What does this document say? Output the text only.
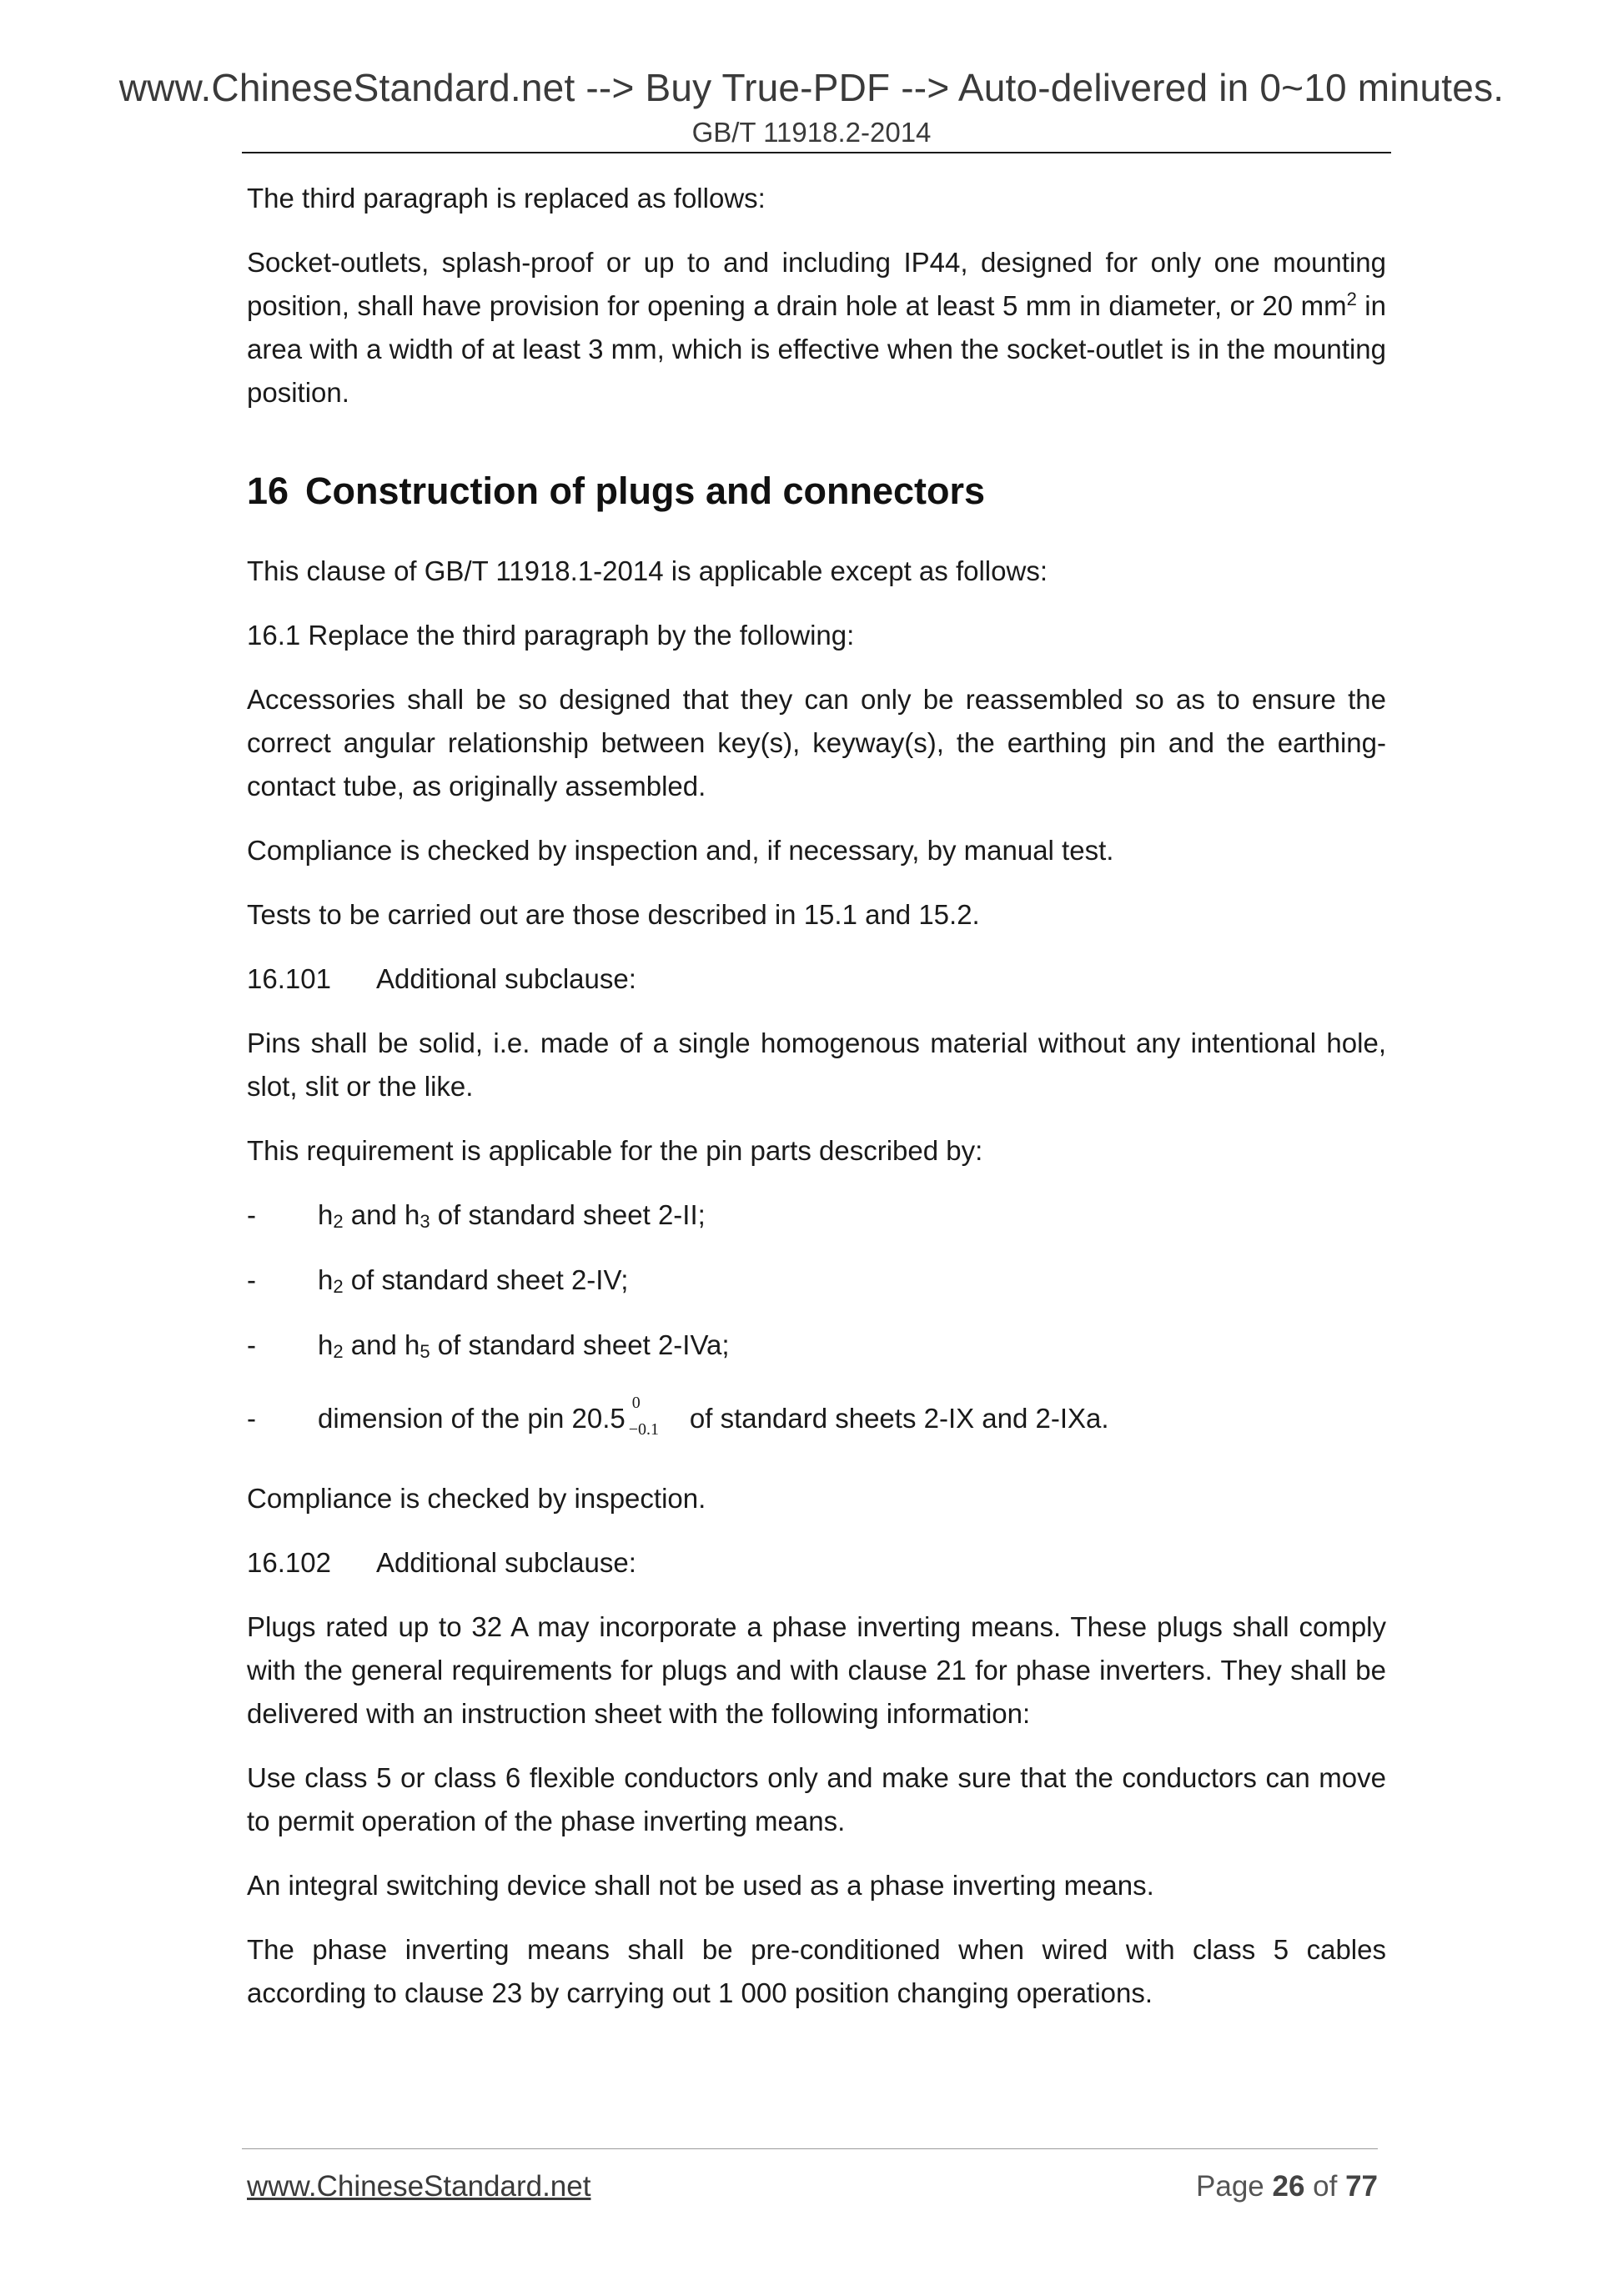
www.ChineseStandard.net --> Buy True-PDF --> Auto-delivered in 0~10 minutes.
GB/T 11918.2-2014

The third paragraph is replaced as follows:

Socket-outlets, splash-proof or up to and including IP44, designed for only one mounting position, shall have provision for opening a drain hole at least 5 mm in diameter, or 20 $mm^2$ in area with a width of at least 3 mm, which is effective when the socket-outlet is in the mounting position.

16 Construction of plugs and connectors

This clause of GB/T 11918.1-2014 is applicable except as follows:

16.1 Replace the third paragraph by the following:

Accessories shall be so designed that they can only be reassembled so as to ensure the correct angular relationship between key(s), keyway(s), the earthing pin and the earthing-contact tube, as originally assembled.

Compliance is checked by inspection and, if necessary, by manual test.

Tests to be carried out are those described in 15.1 and 15.2.

16.101 Additional subclause:

Pins shall be solid, i.e. made of a single homogenous material without any intentional hole, slot, slit or the like.

This requirement is applicable for the pin parts described by:

- $h_2$ and $h_3$ of standard sheet 2-II;
- $h_2$ of standard sheet 2-IV;
- $h_2$ and $h_5$ of standard sheet 2-IVa;
- dimension of the pin 20.5 0
−0.1 of standard sheets 2-IX and 2-IXa.

Compliance is checked by inspection.

16.102 Additional subclause:

Plugs rated up to 32 A may incorporate a phase inverting means. These plugs shall comply with the general requirements for plugs and with clause 21 for phase inverters. They shall be delivered with an instruction sheet with the following information:

Use class 5 or class 6 flexible conductors only and make sure that the conductors can move to permit operation of the phase inverting means.

An integral switching device shall not be used as a phase inverting means.

The phase inverting means shall be pre-conditioned when wired with class 5 cables according to clause 23 by carrying out 1 000 position changing operations.

www.ChineseStandard.net	Page 26 of 77
